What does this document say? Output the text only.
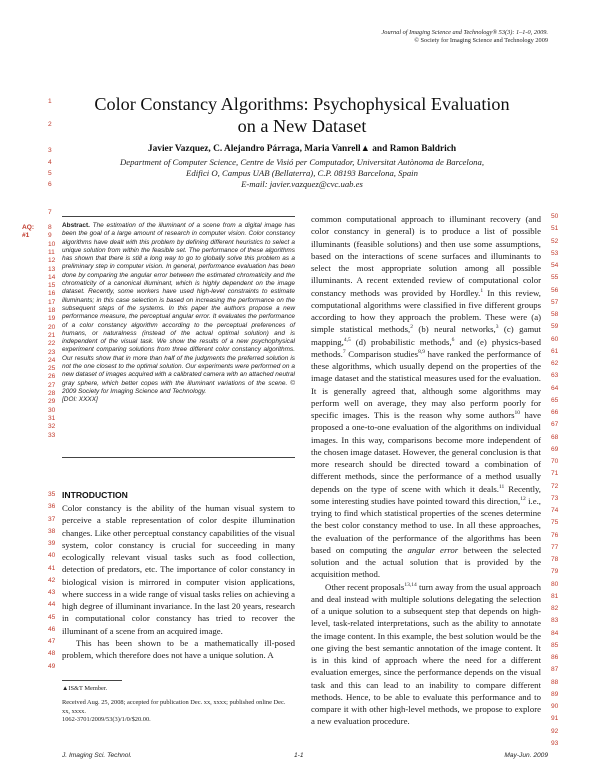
Journal of Imaging Science and Technology® 53(3): 1–1-0, 2009.
© Society for Imaging Science and Technology 2009
Color Constancy Algorithms: Psychophysical Evaluation
on a New Dataset
Javier Vazquez, C. Alejandro Párraga, Maria Vanrell▲ and Ramon Baldrich
Department of Computer Science, Centre de Visió per Computador, Universitat Autònoma de Barcelona,
Edifici O, Campus UAB (Bellaterra), C.P. 08193 Barcelona, Spain
E-mail: javier.vazquez@cvc.uab.es
AQ:
#1
Abstract. The estimation of the illuminant of a scene from a digital image has been the goal of a large amount of research in computer vision. Color constancy algorithms have dealt with this problem by defining different heuristics to select a unique solution from within the feasible set. The performance of these algorithms has shown that there is still a long way to go to globally solve this problem as a preliminary step in computer vision. In general, performance evaluation has been done by comparing the angular error between the estimated chromaticity and the chromaticity of a canonical illuminant, which is highly dependent on the image dataset. Recently, some workers have used high-level constraints to estimate illuminants; in this case selection is based on increasing the performance on the subsequent steps of the systems. In this paper the authors propose a new performance measure, the perceptual angular error. It evaluates the performance of a color constancy algorithm according to the perceptual preferences of humans, or naturalness (instead of the actual optimal solution) and is independent of the visual task. We show the results of a new psychophysical experiment comparing solutions from three different color constancy algorithms. Our results show that in more than half of the judgments the preferred solution is not the one closest to the optimal solution. Our experiments were performed on a new dataset of images acquired with a calibrated camera with an attached neutral gray sphere, which better copes with the illuminant variations of the scene. © 2009 Society for Imaging Science and Technology.
[DOI: XXXX]
INTRODUCTION

Color constancy is the ability of the human visual system to perceive a stable representation of color despite illumination changes. Like other perceptual constancy capabilities of the visual system, color constancy is crucial for succeeding in many ecologically relevant visual tasks such as food collection, detection of predators, etc. The importance of color constancy in biological vision is mirrored in computer vision applications, where success in a wide range of visual tasks relies on achieving a high degree of illuminant invariance. In the last 20 years, research in computational color constancy has tried to recover the illuminant of a scene from an acquired image.

This has been shown to be a mathematically ill-posed problem, which therefore does not have a unique solution. A

common computational approach to illuminant recovery (and color constancy in general) is to produce a list of possible illuminants (feasible solutions) and then use some assumptions, based on the interactions of scene surfaces and illuminants to select the most appropriate solution among all possible illuminants. A recent extended review of computational color constancy methods was provided by Hordley.$^1$ In this review, computational algorithms were classified in five different groups according to how they approach the problem. These were (a) simple statistical methods,$^2$ (b) neural networks,$^3$ (c) gamut mapping,$^{4,5}$ (d) probabilistic methods,$^6$ and (e) physics-based methods.$^7$ Comparison studies$^{8,9}$ have ranked the performance of these algorithms, which usually depend on the properties of the image dataset and the statistical measures used for the evaluation. It is generally agreed that, although some algorithms may perform well on average, they may also perform poorly for specific images. This is the reason why some authors$^{10}$ have proposed a one-to-one evaluation of the algorithms on individual images. In this way, comparisons become more independent of the chosen image dataset. However, the general conclusion is that more research should be directed toward a combination of different methods, since the performance of a method usually depends on the type of scene with which it deals.$^{11}$ Recently, some interesting studies have pointed toward this direction,$^{12}$ i.e., trying to find which statistical properties of the scenes determine the best color constancy method to use. In all these approaches, the evaluation of the performance of the algorithms has been based on computing the angular error between the selected solution and the actual solution that is provided by the acquisition method.

Other recent proposals$^{13,14}$ turn away from the usual approach and deal instead with multiple solutions delegating the selection of a unique solution to a subsequent step that depends on high-level, task-related interpretations, such as the ability to annotate the image content. In this example, the best solution would be the one giving the best semantic annotation of the image content. It is in this kind of approach where the need for a different evaluation emerges, since the performance depends on the visual task and this can lead to an inability to compare different methods. Hence, to be able to evaluate this performance and to compare it with other high-level methods, we propose to explore a new evaluation procedure.

▲IS&T Member.
Received Aug. 25, 2008; accepted for publication Dec. xx, xxxx; published online Dec. xx, xxxx.
1062-3701/2009/53(3)/1/0/$20.00.
J. Imaging Sci. Technol.	1-1	May-Jun. 2009
1
2
3
4
5
6
7
8
9
10
11
12
13
14
15
16
17
18
19
20
21
22
23
24
25
26
27
28
29
30
31
32
33
35
36
37
38
39
40
41
42
43
44
45
46
47
48
49
50
51
52
53
54
55
56
57
58
59
60
61
62
63
64
65
66
67
68
69
70
71
72
73
74
75
76
77
78
79
80
81
82
83
84
85
86
87
88
89
90
91
92
93
